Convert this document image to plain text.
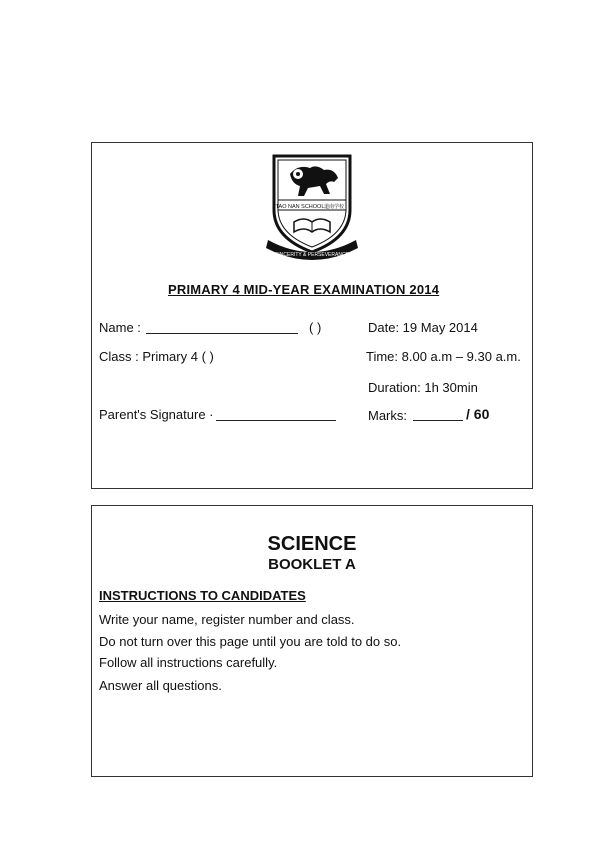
TAO NAN SCHOOL 道南学校
SINCERITY & PERSEVERANCE
PRIMARY 4 MID-YEAR EXAMINATION 2014
Name :	( )	Date: 19 May 2014
Class : Primary 4 ( )	Time: 8.00 a.m – 9.30 a.m.
Duration: 1h 30min
Parent's Signature ·	Marks:	/ 60
SCIENCE
BOOKLET A
INSTRUCTIONS TO CANDIDATES
Write your name, register number and class.
Do not turn over this page until you are told to do so.
Follow all instructions carefully.
Answer all questions.
